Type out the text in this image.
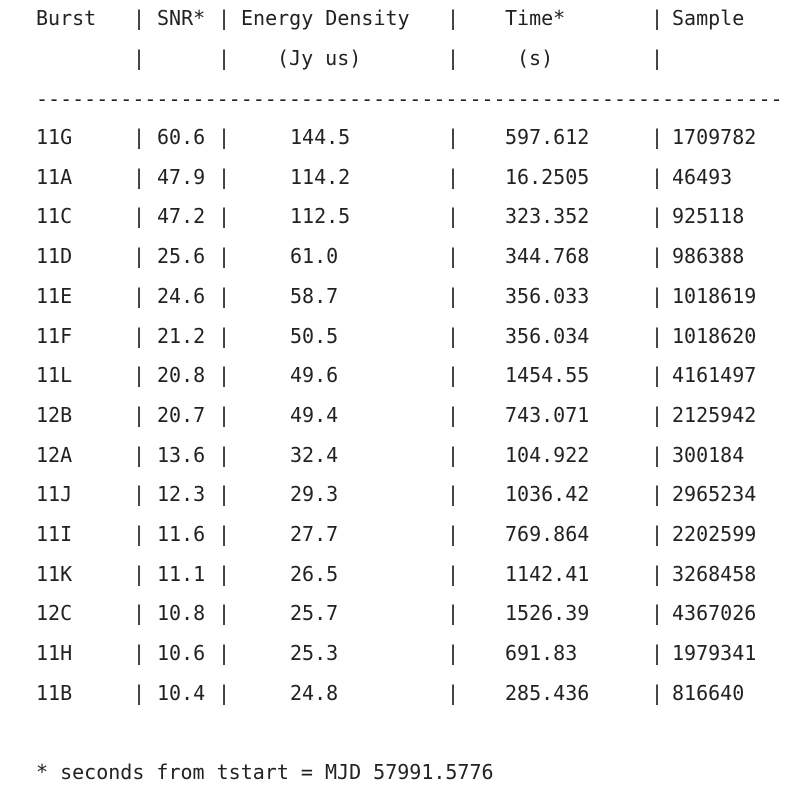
Burst | SNR* | Energy Density | Time*	| Sample
|	| (Jy us)	|	(s)	|
--------------------------------------------------------------
11G	| 60.6 |	144.5	| 597.612	| 1709782
11A	| 47.9 |	114.2	| 16.2505	| 46493
11C	| 47.2 |	112.5	| 323.352	| 925118
11D	| 25.6 |	61.0	| 344.768	| 986388
11E	| 24.6 |	58.7	| 356.033	| 1018619
11F	| 21.2 |	50.5	| 356.034	| 1018620
11L	| 20.8 |	49.6	| 1454.55	| 4161497
12B	| 20.7 |	49.4	| 743.071	| 2125942
12A	| 13.6 |	32.4	| 104.922	| 300184
11J	| 12.3 |	29.3	| 1036.42	| 2965234
11I	| 11.6 |	27.7	| 769.864	| 2202599
11K	| 11.1 |	26.5	| 1142.41	| 3268458
12C	| 10.8 |	25.7	| 1526.39	| 4367026
11H	| 10.6 |	25.3	| 691.83	| 1979341
11B	| 10.4 |	24.8	| 285.436	| 816640
* seconds from tstart = MJD 57991.5776
